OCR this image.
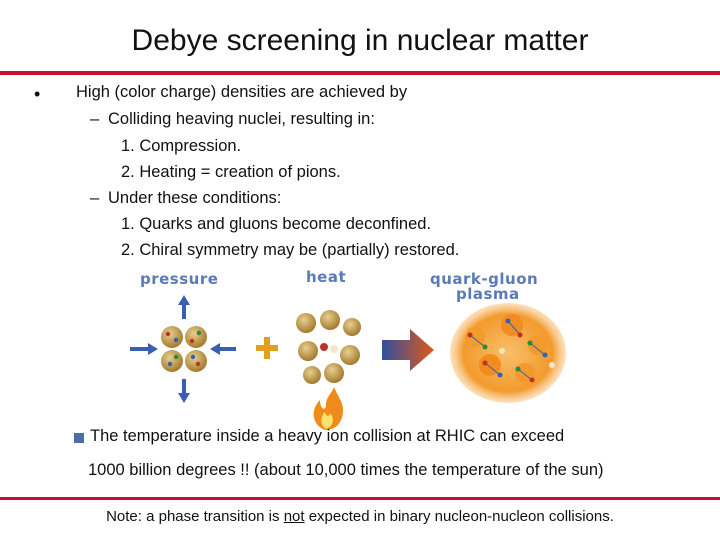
Debye screening in nuclear matter
• High (color charge) densities are achieved by
– Colliding heaving nuclei, resulting in:
1. Compression.
2. Heating = creation of pions.
– Under these conditions:
1. Quarks and gluons become deconfined.
2. Chiral symmetry may be (partially) restored.
pressure	heat	quark-gluon
plasma
The temperature inside a heavy ion collision at RHIC can exceed
1000 billion degrees !! (about 10,000 times the temperature of the sun)
Note: a phase transition is not expected in binary nucleon-nucleon collisions.
